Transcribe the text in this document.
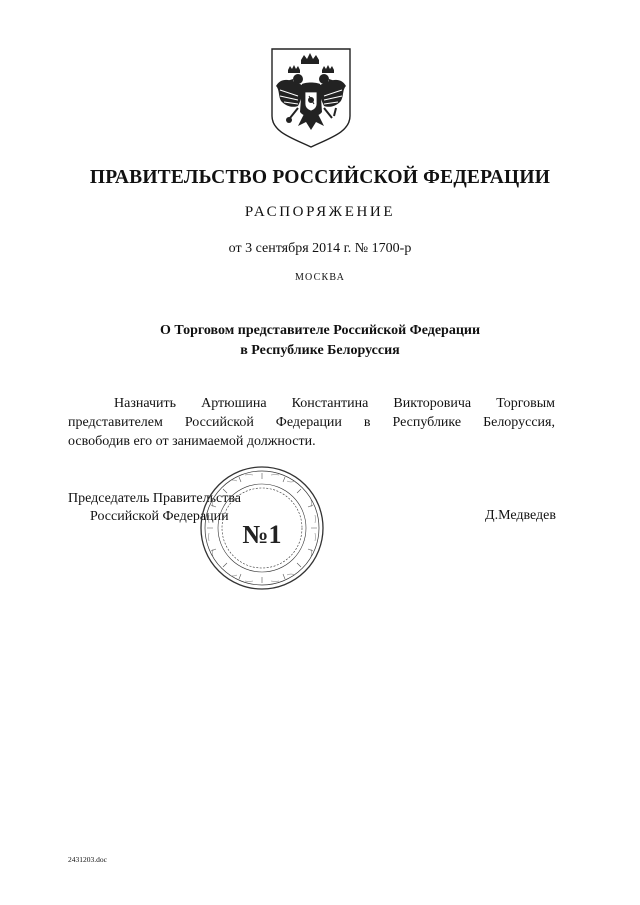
ПРАВИТЕЛЬСТВО РОССИЙСКОЙ ФЕДЕРАЦИИ
РАСПОРЯЖЕНИЕ
от 3 сентября 2014 г. № 1700-р
МОСКВА
О Торговом представителе Российской Федерации
в Республике Белоруссия
Назначить Артюшина Константина Викторовича Торговым
представителем Российской Федерации в Республике Белоруссия,
освободив его от занимаемой должности.
Председатель Правительства
Российской Федерации
№1
Д.Медведев
2431203.doc
